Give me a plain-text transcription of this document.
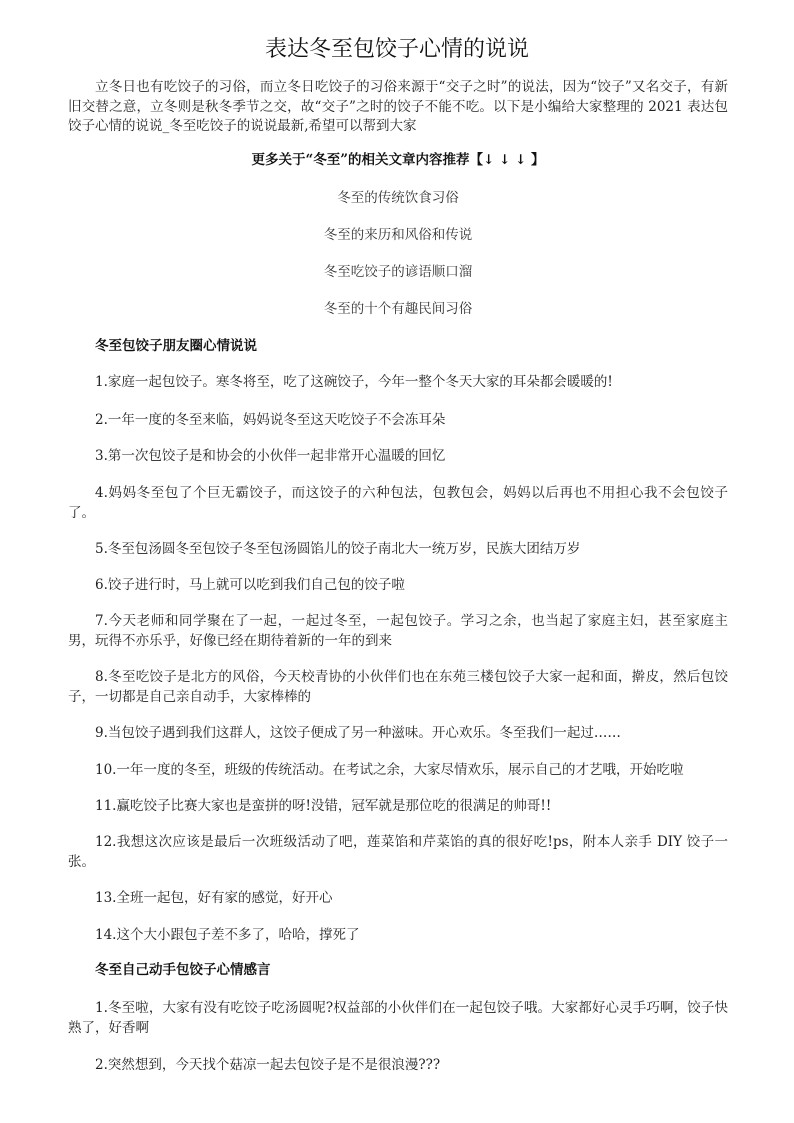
表达冬至包饺子心情的说说
立冬日也有吃饺子的习俗，而立冬日吃饺子的习俗来源于“交子之时”的说法，因为“饺子”又名交子，有新旧交替之意，立冬则是秋冬季节之交，故“交子”之时的饺子不能不吃。以下是小编给大家整理的 2021 表达包饺子心情的说说_冬至吃饺子的说说最新,希望可以帮到大家
更多关于“冬至”的相关文章内容推荐【↓ ↓ ↓ 】
冬至的传统饮食习俗
冬至的来历和风俗和传说
冬至吃饺子的谚语顺口溜
冬至的十个有趣民间习俗
冬至包饺子朋友圈心情说说
1.家庭一起包饺子。寒冬将至，吃了这碗饺子，今年一整个冬天大家的耳朵都会暖暖的!
2.一年一度的冬至来临，妈妈说冬至这天吃饺子不会冻耳朵
3.第一次包饺子是和协会的小伙伴一起非常开心温暖的回忆
4.妈妈冬至包了个巨无霸饺子，而这饺子的六种包法，包教包会，妈妈以后再也不用担心我不会包饺子了。
5.冬至包汤圆冬至包饺子冬至包汤圆馅儿的饺子南北大一统万岁，民族大团结万岁
6.饺子进行时，马上就可以吃到我们自己包的饺子啦
7.今天老师和同学聚在了一起，一起过冬至，一起包饺子。学习之余，也当起了家庭主妇，甚至家庭主男，玩得不亦乐乎，好像已经在期待着新的一年的到来
8.冬至吃饺子是北方的风俗，今天校青协的小伙伴们也在东苑三楼包饺子大家一起和面，擀皮，然后包饺子，一切都是自己亲自动手，大家棒棒的
9.当包饺子遇到我们这群人，这饺子便成了另一种滋味。开心欢乐。冬至我们一起过……
10.一年一度的冬至，班级的传统活动。在考试之余，大家尽情欢乐，展示自己的才艺哦，开始吃啦
11.赢吃饺子比赛大家也是蛮拼的呀!没错，冠军就是那位吃的很满足的帅哥!!
12.我想这次应该是最后一次班级活动了吧，莲菜馅和芹菜馅的真的很好吃!ps，附本人亲手 DIY 饺子一张。
13.全班一起包，好有家的感觉，好开心
14.这个大小跟包子差不多了，哈哈，撑死了
冬至自己动手包饺子心情感言
1.冬至啦，大家有没有吃饺子吃汤圆呢?权益部的小伙伴们在一起包饺子哦。大家都好心灵手巧啊，饺子快熟了，好香啊
2.突然想到，今天找个菇凉一起去包饺子是不是很浪漫???
